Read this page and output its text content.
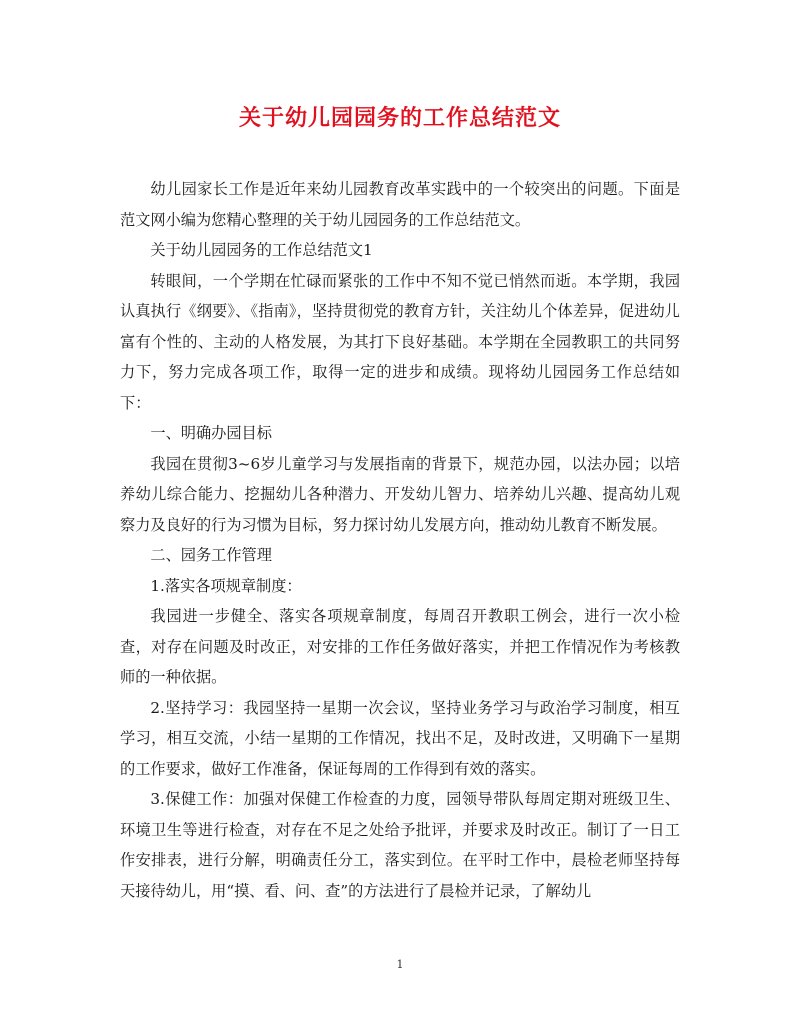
关于幼儿园园务的工作总结范文

幼儿园家长工作是近年来幼儿园教育改革实践中的一个较突出的问题。下面是范文网小编为您精心整理的关于幼儿园园务的工作总结范文。

关于幼儿园园务的工作总结范文1

转眼间，一个学期在忙碌而紧张的工作中不知不觉已悄然而逝。本学期，我园认真执行《纲要》、《指南》，坚持贯彻党的教育方针，关注幼儿个体差异，促进幼儿富有个性的、主动的人格发展，为其打下良好基础。本学期在全园教职工的共同努力下，努力完成各项工作，取得一定的进步和成绩。现将幼儿园园务工作总结如下：

一、明确办园目标

我园在贯彻3~6岁儿童学习与发展指南的背景下，规范办园，以法办园；以培养幼儿综合能力、挖掘幼儿各种潜力、开发幼儿智力、培养幼儿兴趣、提高幼儿观察力及良好的行为习惯为目标，努力探讨幼儿发展方向，推动幼儿教育不断发展。

二、园务工作管理

1.落实各项规章制度：

我园进一步健全、落实各项规章制度，每周召开教职工例会，进行一次小检查，对存在问题及时改正，对安排的工作任务做好落实，并把工作情况作为考核教师的一种依据。

2.坚持学习：我园坚持一星期一次会议，坚持业务学习与政治学习制度，相互学习，相互交流，小结一星期的工作情况，找出不足，及时改进，又明确下一星期的工作要求，做好工作准备，保证每周的工作得到有效的落实。

3.保健工作：加强对保健工作检查的力度，园领导带队每周定期对班级卫生、环境卫生等进行检查，对存在不足之处给予批评，并要求及时改正。制订了一日工作安排表，进行分解，明确责任分工，落实到位。在平时工作中，晨检老师坚持每天接待幼儿，用“摸、看、问、查”的方法进行了晨检并记录，了解幼儿

1
